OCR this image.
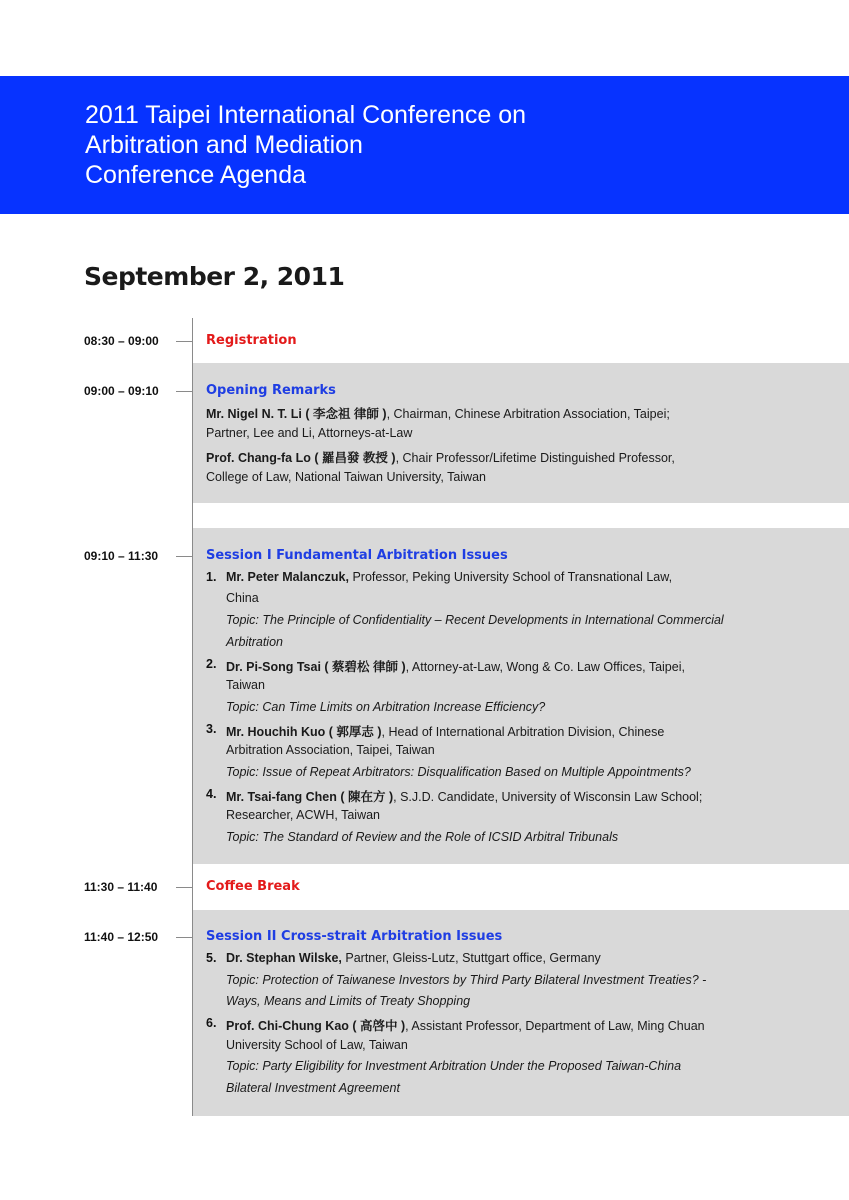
2011 Taipei International Conference on
Arbitration and Mediation
Conference Agenda
September 2, 2011
08:30 – 09:00	Registration
09:00 – 09:10	Opening Remarks
Mr. Nigel N. T. Li ( 李念祖 律師 ), Chairman, Chinese Arbitration Association, Taipei;
Partner, Lee and Li, Attorneys-at-Law
Prof. Chang-fa Lo ( 羅昌發 教授 ), Chair Professor/Lifetime Distinguished Professor,
College of Law, National Taiwan University, Taiwan
09:10 – 11:30	Session I Fundamental Arbitration Issues
1. Mr. Peter Malanczuk, Professor, Peking University School of Transnational Law,
China
Topic: The Principle of Confidentiality – Recent Developments in International Commercial
Arbitration
2. Dr. Pi-Song Tsai ( 蔡碧松 律師 ), Attorney-at-Law, Wong & Co. Law Offices, Taipei,
Taiwan
Topic: Can Time Limits on Arbitration Increase Efficiency?
3. Mr. Houchih Kuo ( 郭厚志 ), Head of International Arbitration Division, Chinese
Arbitration Association, Taipei, Taiwan
Topic: Issue of Repeat Arbitrators: Disqualification Based on Multiple Appointments?
4. Mr. Tsai-fang Chen ( 陳在方 ), S.J.D. Candidate, University of Wisconsin Law School;
Researcher, ACWH, Taiwan
Topic: The Standard of Review and the Role of ICSID Arbitral Tribunals
11:30 – 11:40	Coffee Break
11:40 – 12:50	Session II Cross-strait Arbitration Issues
5. Dr. Stephan Wilske, Partner, Gleiss-Lutz, Stuttgart office, Germany
Topic: Protection of Taiwanese Investors by Third Party Bilateral Investment Treaties? -
Ways, Means and Limits of Treaty Shopping
6. Prof. Chi-Chung Kao ( 高啓中 ), Assistant Professor, Department of Law, Ming Chuan
University School of Law, Taiwan
Topic: Party Eligibility for Investment Arbitration Under the Proposed Taiwan-China
Bilateral Investment Agreement
